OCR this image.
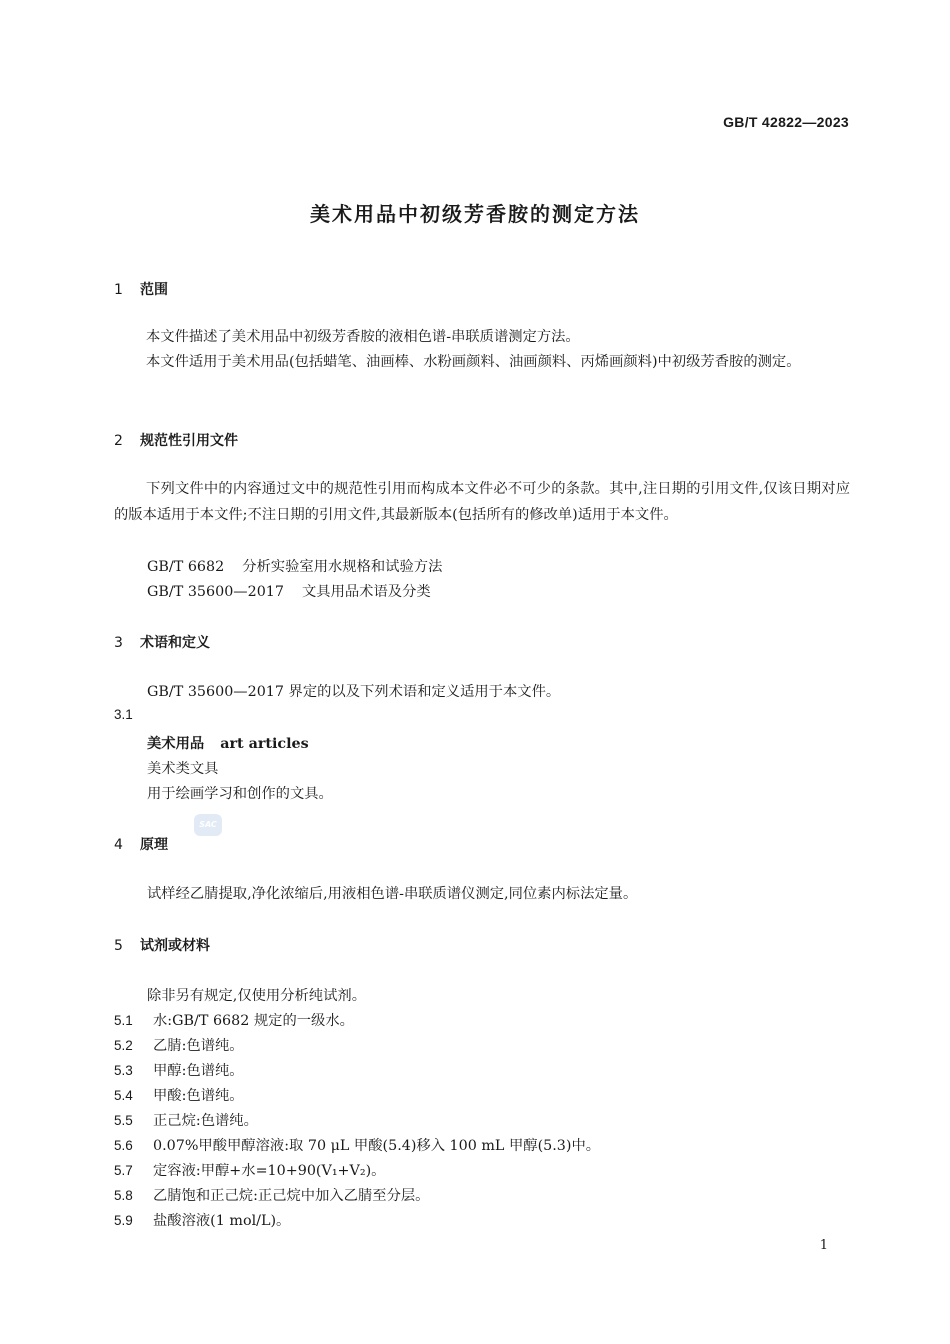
GB/T 42822—2023
美术用品中初级芳香胺的测定方法
1 范围
本文件描述了美术用品中初级芳香胺的液相色谱-串联质谱测定方法。
本文件适用于美术用品(包括蜡笔、油画棒、水粉画颜料、油画颜料、丙烯画颜料)中初级芳香胺的测定。
2 规范性引用文件
下列文件中的内容通过文中的规范性引用而构成本文件必不可少的条款。其中,注日期的引用文件,仅该日期对应的版本适用于本文件;不注日期的引用文件,其最新版本(包括所有的修改单)适用于本文件。
GB/T 6682 分析实验室用水规格和试验方法
GB/T 35600—2017 文具用品术语及分类
3 术语和定义
GB/T 35600—2017 界定的以及下列术语和定义适用于本文件。
3.1
美术用品 art articles
美术类文具
用于绘画学习和创作的文具。
SAC
4 原理
试样经乙腈提取,净化浓缩后,用液相色谱-串联质谱仪测定,同位素内标法定量。
5 试剂或材料
除非另有规定,仅使用分析纯试剂。
5.1 水:GB/T 6682 规定的一级水。
5.2 乙腈:色谱纯。
5.3 甲醇:色谱纯。
5.4 甲酸:色谱纯。
5.5 正己烷:色谱纯。
5.6 0.07%甲酸甲醇溶液:取 70 μL 甲酸(5.4)移入 100 mL 甲醇(5.3)中。
5.7 定容液:甲醇+水=10+90(V₁+V₂)。
5.8 乙腈饱和正己烷:正己烷中加入乙腈至分层。
5.9 盐酸溶液(1 mol/L)。
1
